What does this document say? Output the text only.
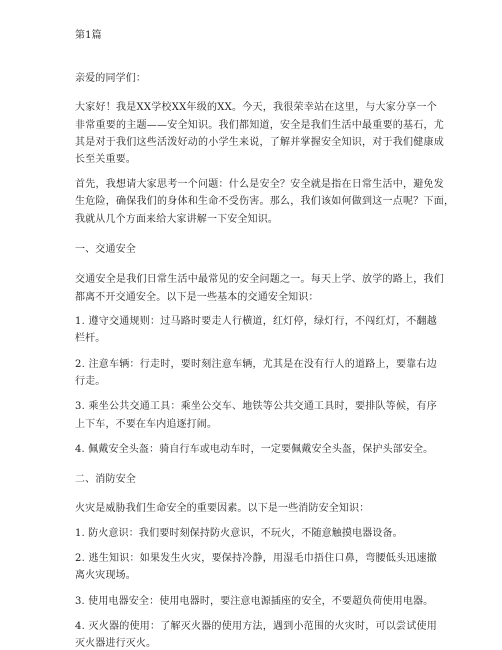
第1篇
亲爱的同学们：
大家好！我是XX学校XX年级的XX。今天，我很荣幸站在这里，与大家分享一个
非常重要的主题——安全知识。我们都知道，安全是我们生活中最重要的基石，尤
其是对于我们这些活泼好动的小学生来说，了解并掌握安全知识，对于我们健康成
长至关重要。
首先，我想请大家思考一个问题：什么是安全？安全就是指在日常生活中，避免发
生危险，确保我们的身体和生命不受伤害。那么，我们该如何做到这一点呢？下面，
我就从几个方面来给大家讲解一下安全知识。
一、交通安全
交通安全是我们日常生活中最常见的安全问题之一。每天上学、放学的路上，我们
都离不开交通安全。以下是一些基本的交通安全知识：
1. 遵守交通规则：过马路时要走人行横道，红灯停，绿灯行，不闯红灯，不翻越
栏杆。
2. 注意车辆：行走时，要时刻注意车辆，尤其是在没有行人的道路上，要靠右边
行走。
3. 乘坐公共交通工具：乘坐公交车、地铁等公共交通工具时，要排队等候，有序
上下车，不要在车内追逐打闹。
4. 佩戴安全头盔：骑自行车或电动车时，一定要佩戴安全头盔，保护头部安全。
二、消防安全
火灾是威胁我们生命安全的重要因素。以下是一些消防安全知识：
1. 防火意识：我们要时刻保持防火意识，不玩火，不随意触摸电器设备。
2. 逃生知识：如果发生火灾，要保持冷静，用湿毛巾捂住口鼻，弯腰低头迅速撤
离火灾现场。
3. 使用电器安全：使用电器时，要注意电源插座的安全，不要超负荷使用电器。
4. 灭火器的使用：了解灭火器的使用方法，遇到小范围的火灾时，可以尝试使用
灭火器进行灭火。
